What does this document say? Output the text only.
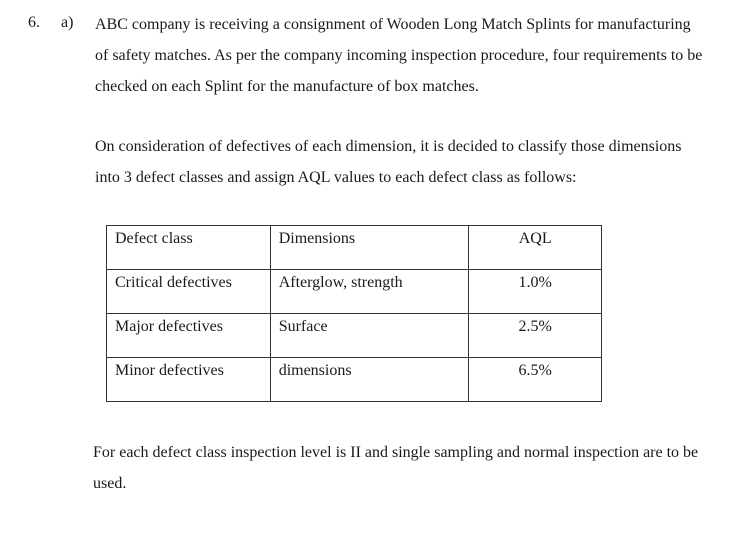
6. a) ABC company is receiving a consignment of Wooden Long Match Splints for manufacturing of safety matches. As per the company incoming inspection procedure, four requirements to be checked on each Splint for the manufacture of box matches.

On consideration of defectives of each dimension, it is decided to classify those dimensions into 3 defect classes and assign AQL values to each defect class as follows:

Defect class	Dimensions	AQL
Critical defectives	Afterglow, strength	1.0%
Major defectives	Surface	2.5%
Minor defectives	dimensions	6.5%

For each defect class inspection level is II and single sampling and normal inspection are to be used.
